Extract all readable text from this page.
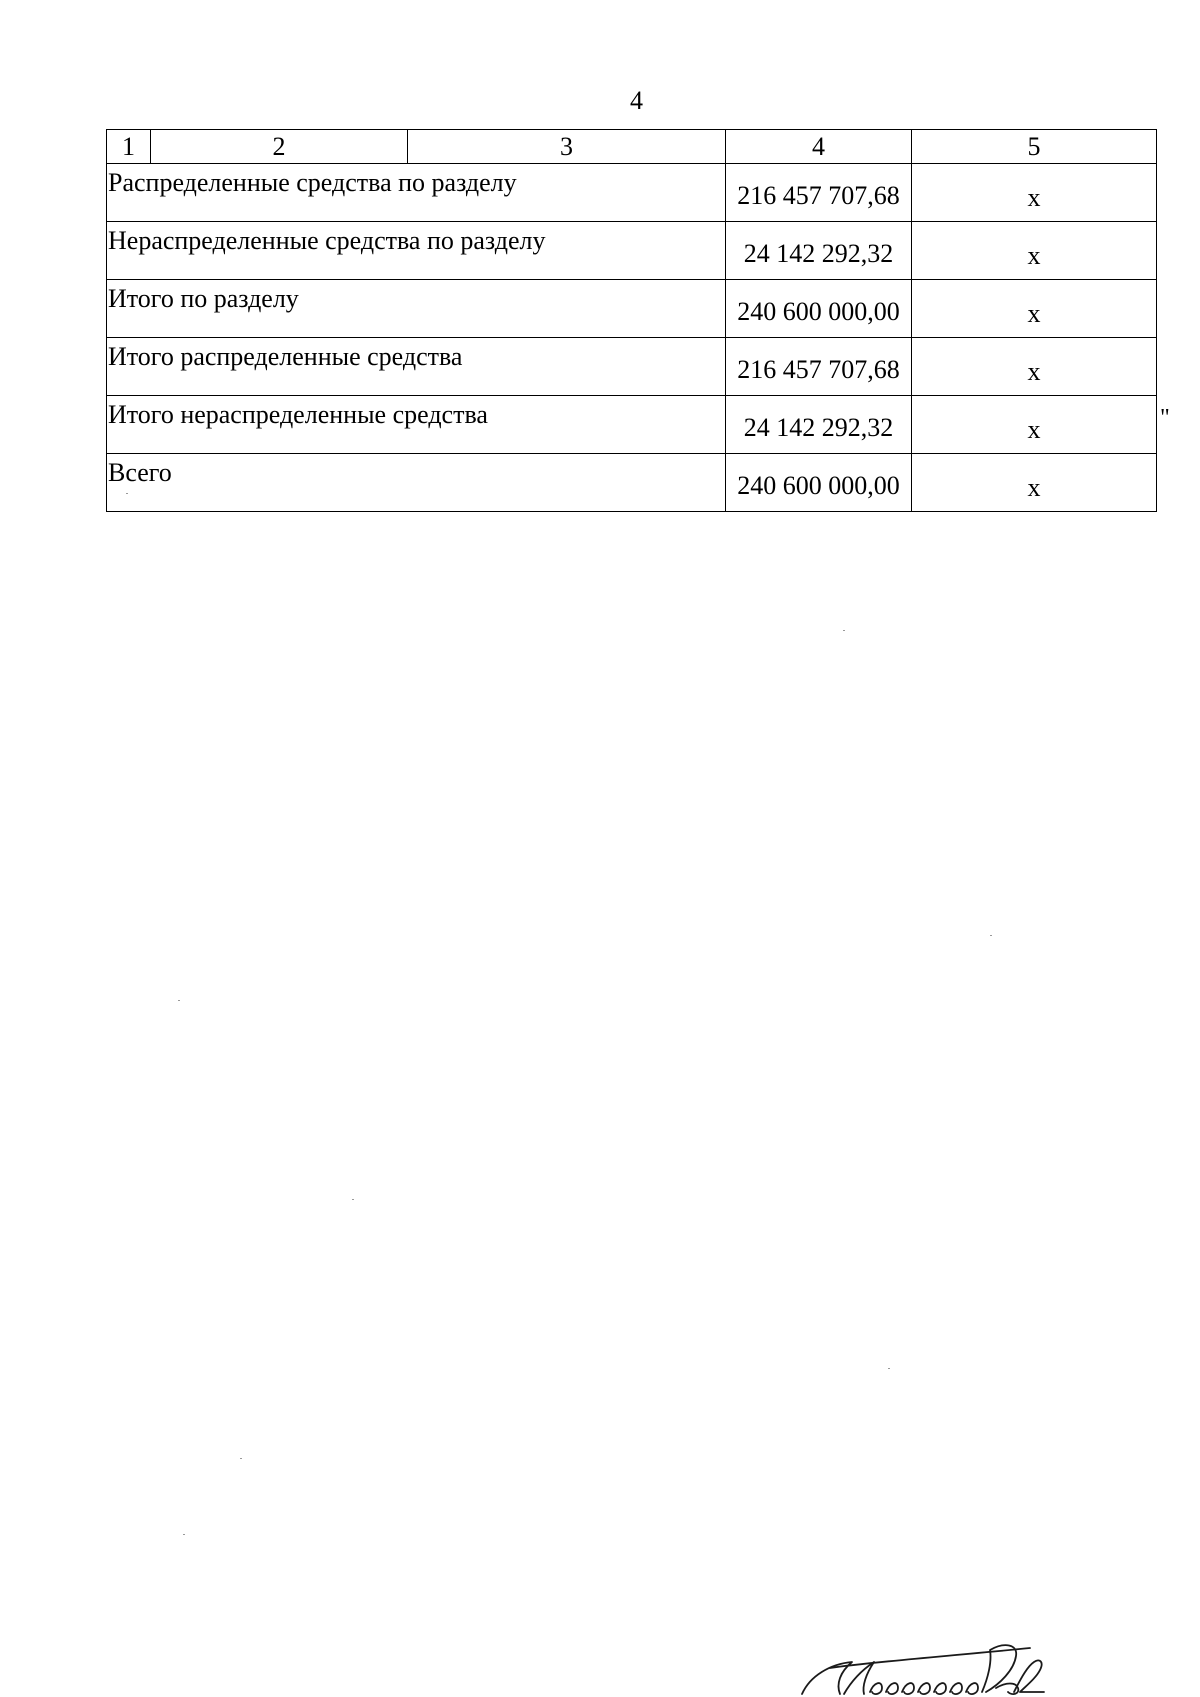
4
1	2	3	4	5
Распределенные средства по разделу			216 457 707,68	x
Нераспределенные средства по разделу			24 142 292,32	x
Итого по разделу			240 600 000,00	x
Итого распределенные средства			216 457 707,68	x
Итого нераспределенные средства			24 142 292,32	x
Всего			240 600 000,00	x
"
